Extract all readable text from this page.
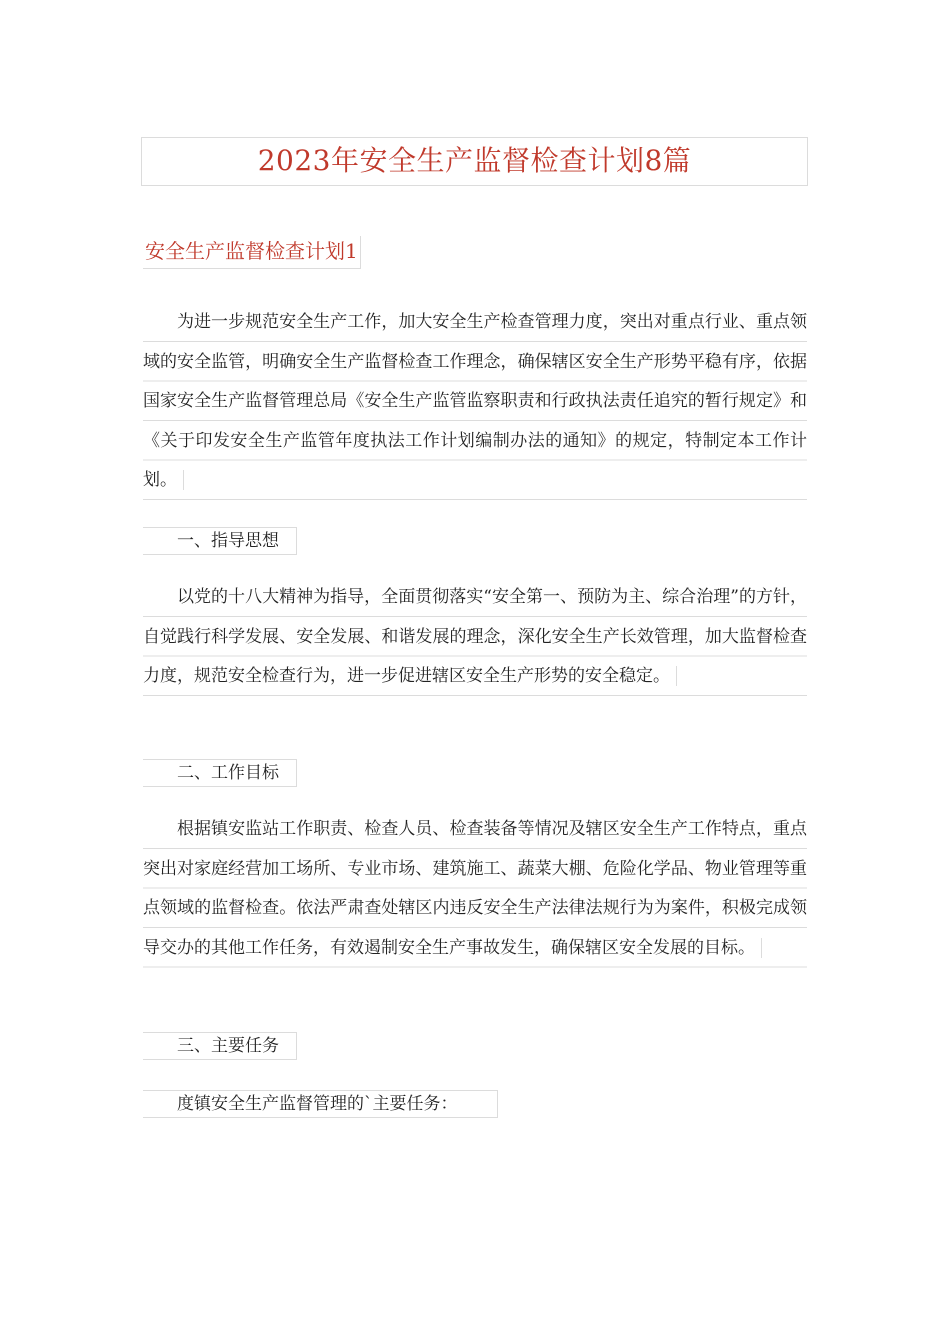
2023年安全生产监督检查计划8篇
安全生产监督检查计划1

为进一步规范安全生产工作，加大安全生产检查管理力度，突出对重点行业、重点领域的安全监管，明确安全生产监督检查工作理念，确保辖区安全生产形势平稳有序，依据国家安全生产监督管理总局《安全生产监管监察职责和行政执法责任追究的暂行规定》和《关于印发安全生产监管年度执法工作计划编制办法的通知》的规定，特制定本工作计划。

一、指导思想

以党的十八大精神为指导，全面贯彻落实“安全第一、预防为主、综合治理”的方针，自觉践行科学发展、安全发展、和谐发展的理念，深化安全生产长效管理，加大监督检查力度，规范安全检查行为，进一步促进辖区安全生产形势的安全稳定。

二、工作目标

根据镇安监站工作职责、检查人员、检查装备等情况及辖区安全生产工作特点，重点突出对家庭经营加工场所、专业市场、建筑施工、蔬菜大棚、危险化学品、物业管理等重点领域的监督检查。依法严肃查处辖区内违反安全生产法律法规行为为案件，积极完成领导交办的其他工作任务，有效遏制安全生产事故发生，确保辖区安全发展的目标。

三、主要任务
度镇安全生产监督管理的`主要任务：
